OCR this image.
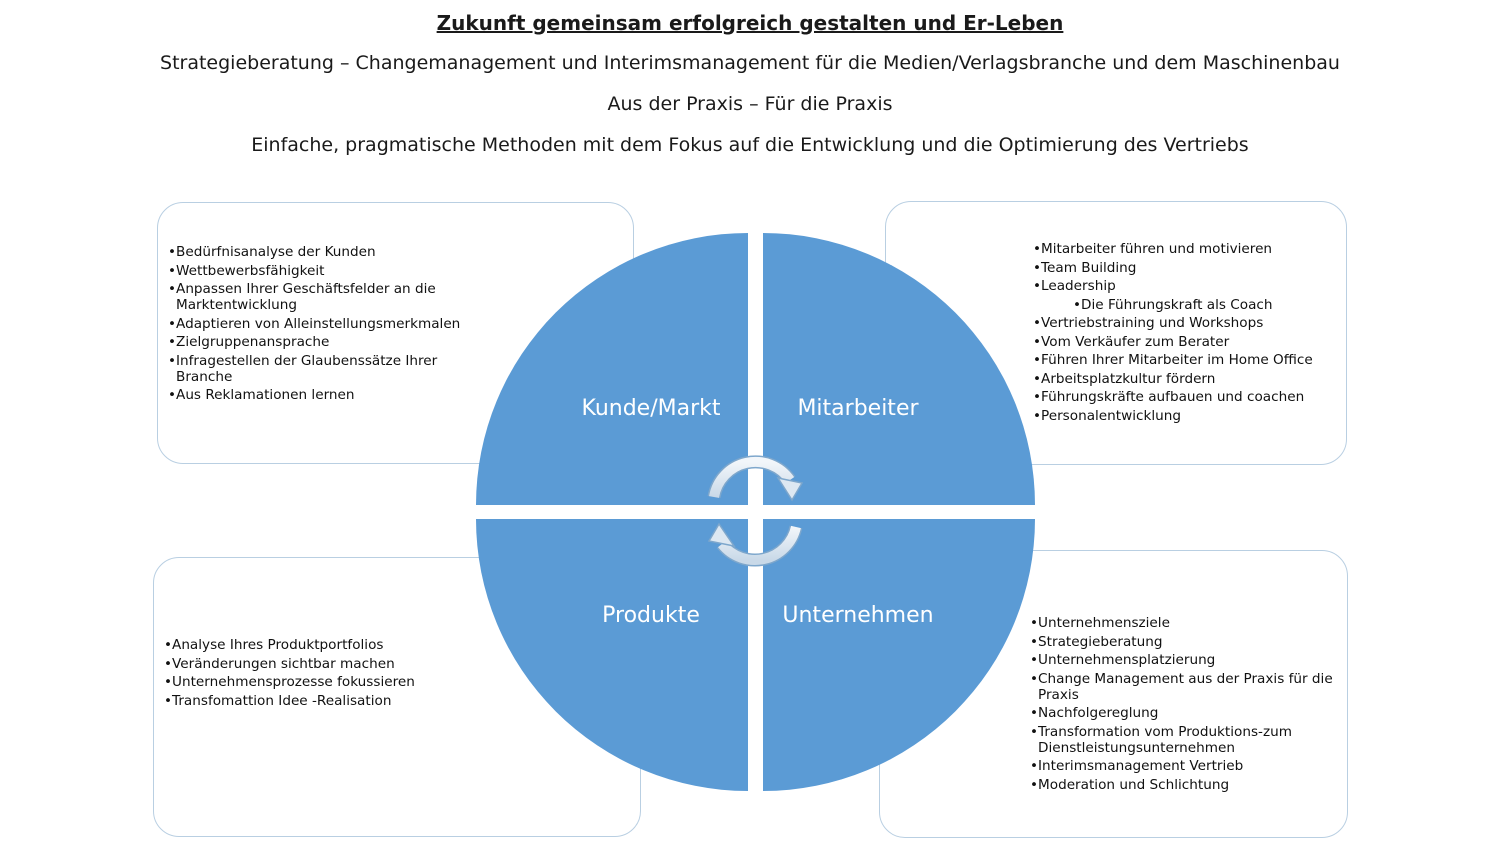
Zukunft gemeinsam erfolgreich gestalten und Er-Leben
Strategieberatung – Changemanagement und Interimsmanagement für die Medien/Verlagsbranche und dem Maschinenbau
Aus der Praxis – Für die Praxis
Einfache, pragmatische Methoden mit dem Fokus auf die Entwicklung und die Optimierung des Vertriebs
Kunde/Markt	Mitarbeiter
Produkte	Unternehmen
•Bedürfnisanalyse der Kunden
•Wettbewerbsfähigkeit
•Anpassen Ihrer Geschäftsfelder an die Marktentwicklung
•Adaptieren von Alleinstellungsmerkmalen
•Zielgruppenansprache
•Infragestellen der Glaubenssätze Ihrer Branche
•Aus Reklamationen lernen
•Mitarbeiter führen und motivieren
•Team Building
•Leadership
•Die Führungskraft als Coach
•Vertriebstraining und Workshops
•Vom Verkäufer zum Berater
•Führen Ihrer Mitarbeiter im Home Office
•Arbeitsplatzkultur fördern
•Führungskräfte aufbauen und coachen
•Personalentwicklung
•Analyse Ihres Produktportfolios
•Veränderungen sichtbar machen
•Unternehmensprozesse fokussieren
•Transfomattion Idee -Realisation
•Unternehmensziele
•Strategieberatung
•Unternehmensplatzierung
•Change Management aus der Praxis für die Praxis
•Nachfolgereglung
•Transformation vom Produktions-zum Dienstleistungsunternehmen
•Interimsmanagement Vertrieb
•Moderation und Schlichtung
